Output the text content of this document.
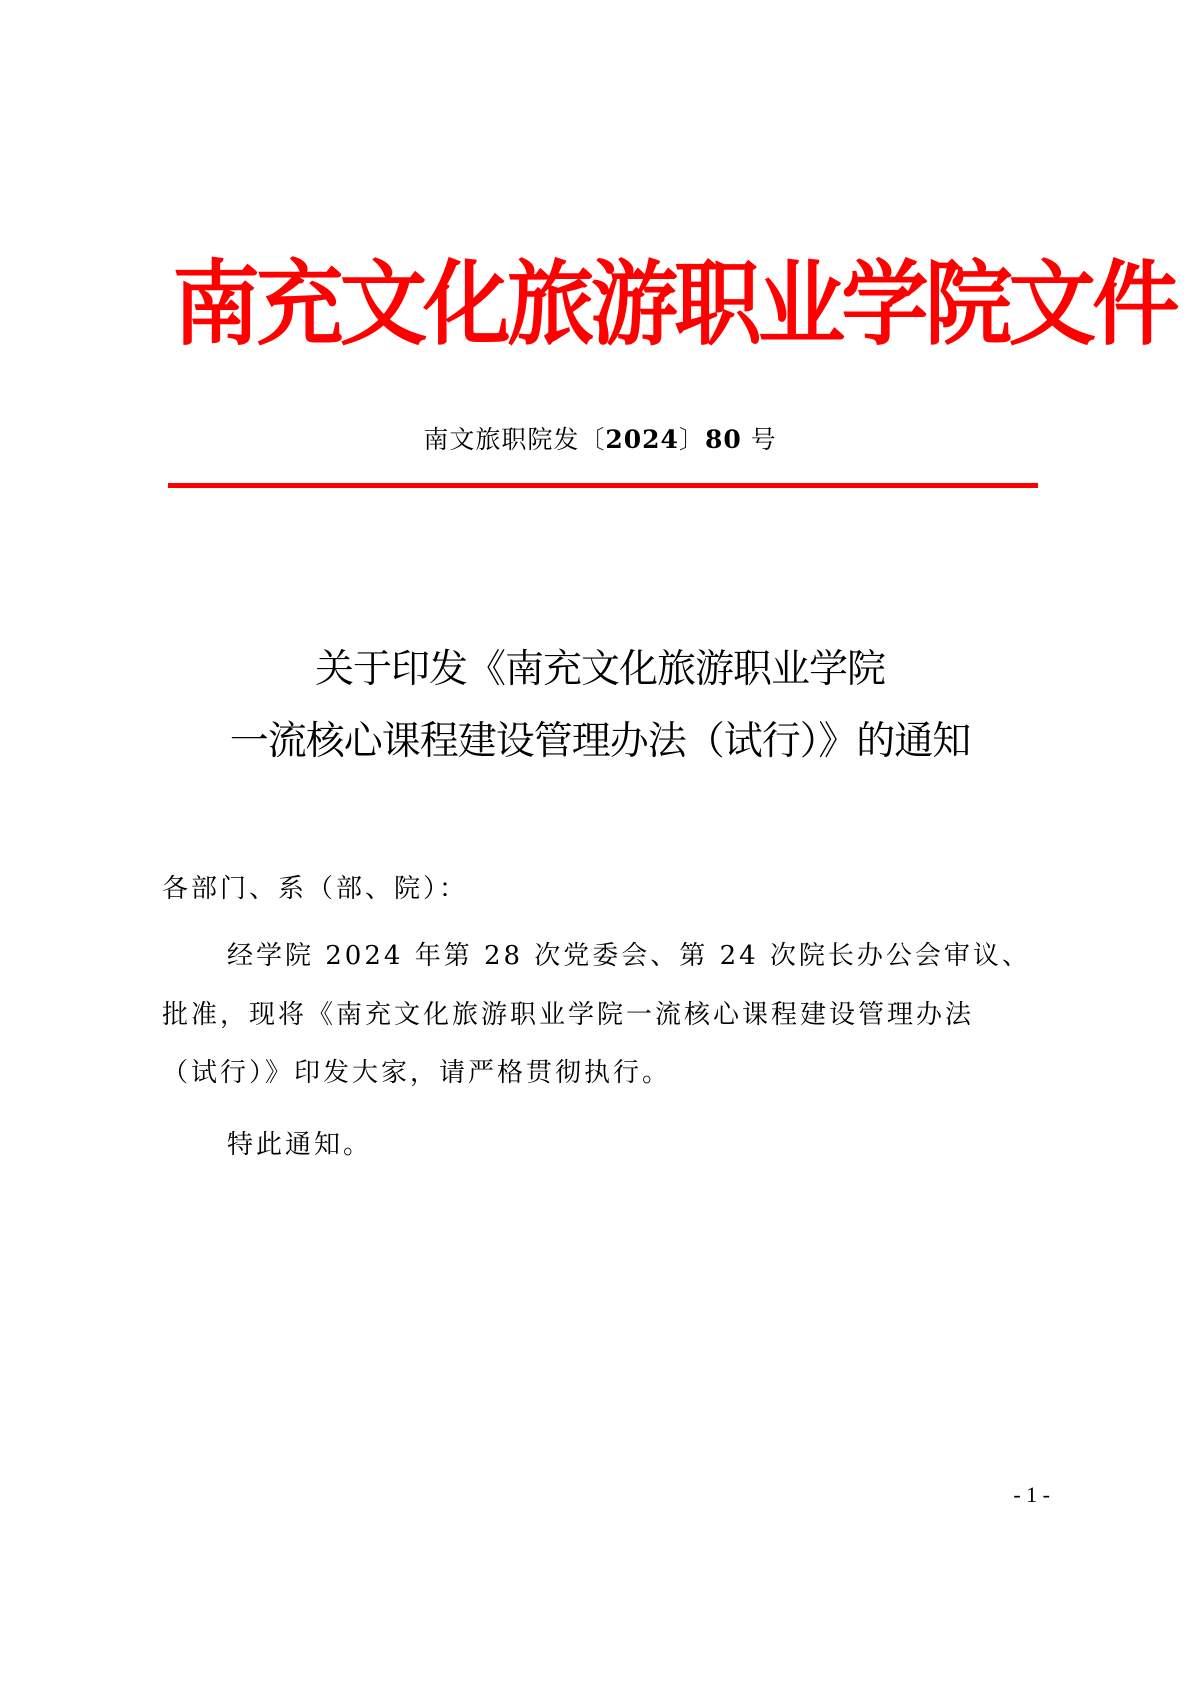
南充文化旅游职业学院文件
南文旅职院发〔2024〕80 号
关于印发《南充文化旅游职业学院
一流核心课程建设管理办法（试行）》的通知
各部门、系（部、院）：
经学院 2024 年第 28 次党委会、第 24 次院长办公会审议、
批准，现将《南充文化旅游职业学院一流核心课程建设管理办法
（试行）》印发大家，请严格贯彻执行。
特此通知。
- 1 -
